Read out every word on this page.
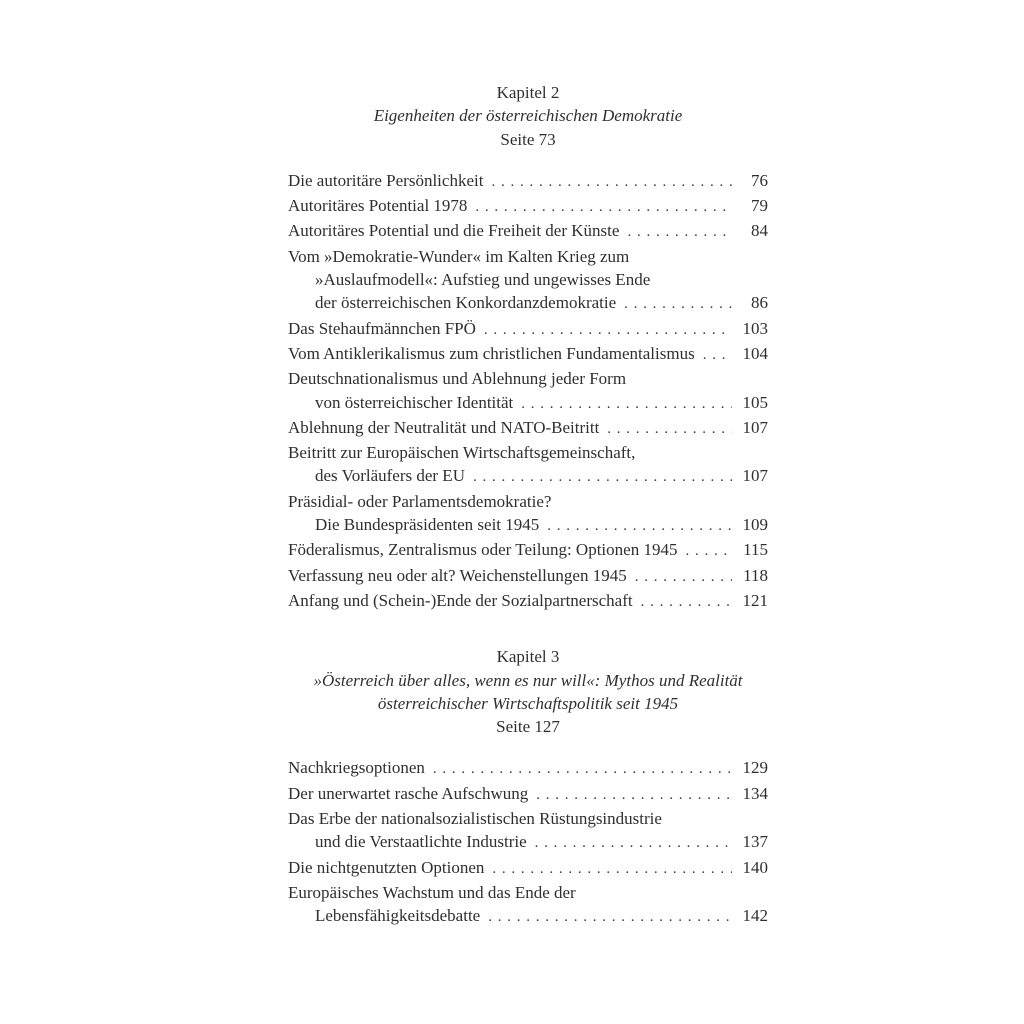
Kapitel 2
Eigenheiten der österreichischen Demokratie
Seite 73
Die autoritäre Persönlichkeit . . .	76
Autoritäres Potential 1978 . . .	79
Autoritäres Potential und die Freiheit der Künste . . .	84
Vom »Demokratie-Wunder« im Kalten Krieg zum
»Auslaufmodell«: Aufstieg und ungewisses Ende
der österreichischen Konkordanzdemokratie . . .	86
Das Stehaufmännchen FPÖ . . .	103
Vom Antiklerikalismus zum christlichen Fundamentalismus . . .	104
Deutschnationalismus und Ablehnung jeder Form
von österreichischer Identität . . .	105
Ablehnung der Neutralität und NATO-Beitritt . . .	107
Beitritt zur Europäischen Wirtschaftsgemeinschaft,
des Vorläufers der EU . . .	107
Präsidial- oder Parlamentsdemokratie?
Die Bundespräsidenten seit 1945 . . .	109
Föderalismus, Zentralismus oder Teilung: Optionen 1945 . . .	115
Verfassung neu oder alt? Weichenstellungen 1945 . . .	118
Anfang und (Schein-)Ende der Sozialpartnerschaft . . .	121
Kapitel 3
»Österreich über alles, wenn es nur will«: Mythos und Realität
österreichischer Wirtschaftspolitik seit 1945
Seite 127
Nachkriegsoptionen . . .	129
Der unerwartet rasche Aufschwung . . .	134
Das Erbe der nationalsozialistischen Rüstungsindustrie
und die Verstaatlichte Industrie . . .	137
Die nichtgenutzten Optionen . . .	140
Europäisches Wachstum und das Ende der
Lebensfähigkeitsdebatte . . .	142
